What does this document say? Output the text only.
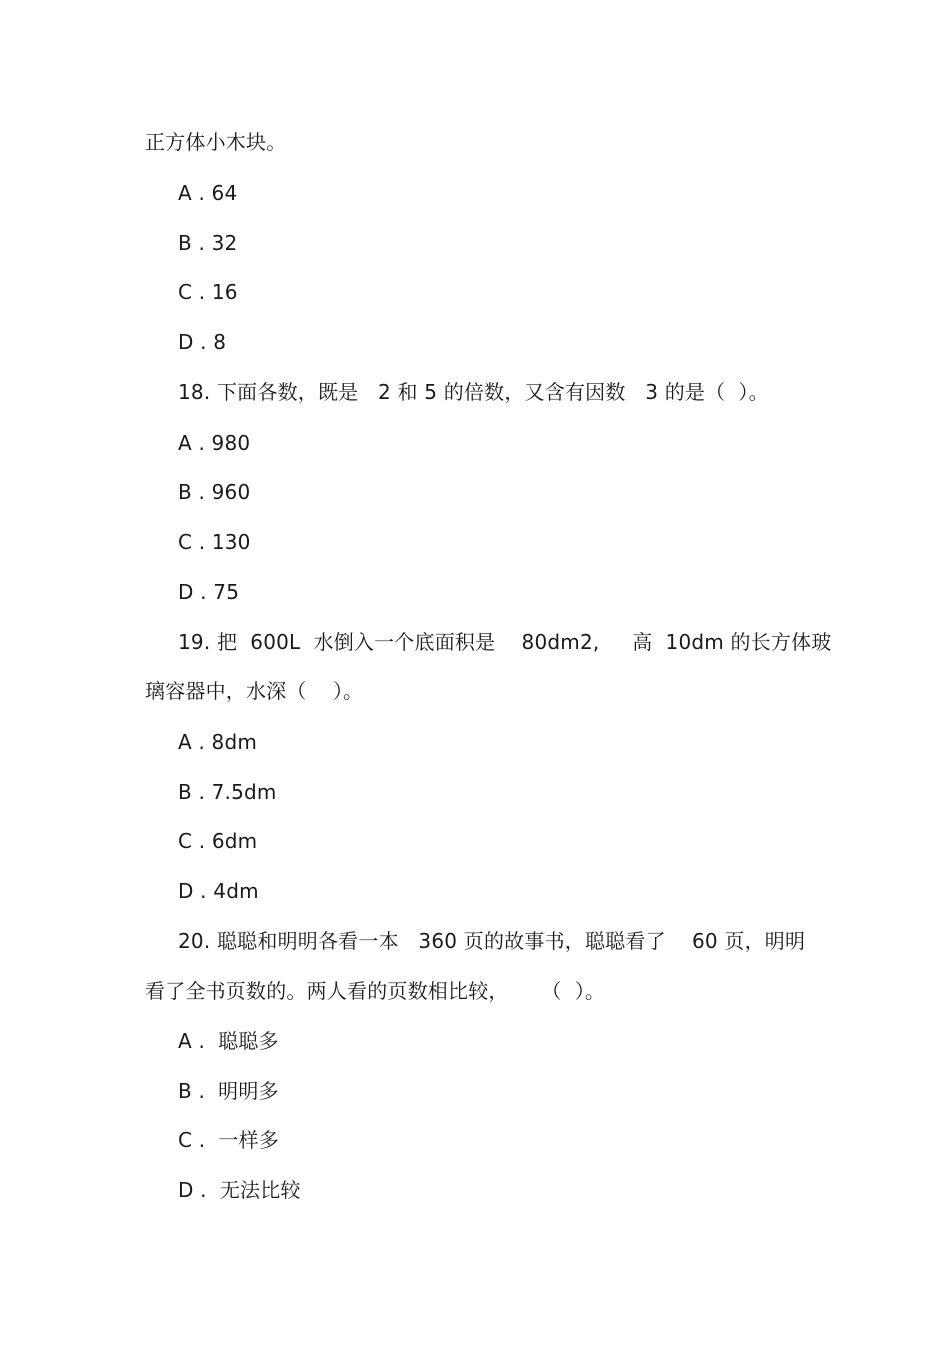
正方体小木块。
A . 64
B . 32
C . 16
D . 8
18. 下面各数，既是   2 和 5 的倍数，又含有因数   3 的是（  ）。
A . 980
B . 960
C . 130
D . 75
19. 把  600L  水倒入一个底面积是    80dm2,     高  10dm 的长方体玻
璃容器中，水深（    ）。
A . 8dm
B . 7.5dm
C . 6dm
D . 4dm
20. 聪聪和明明各看一本   360 页的故事书，聪聪看了    60 页，明明
看了全书页数的。两人看的页数相比较，     （  ）。
A .  聪聪多
B .  明明多
C .  一样多
D .  无法比较
